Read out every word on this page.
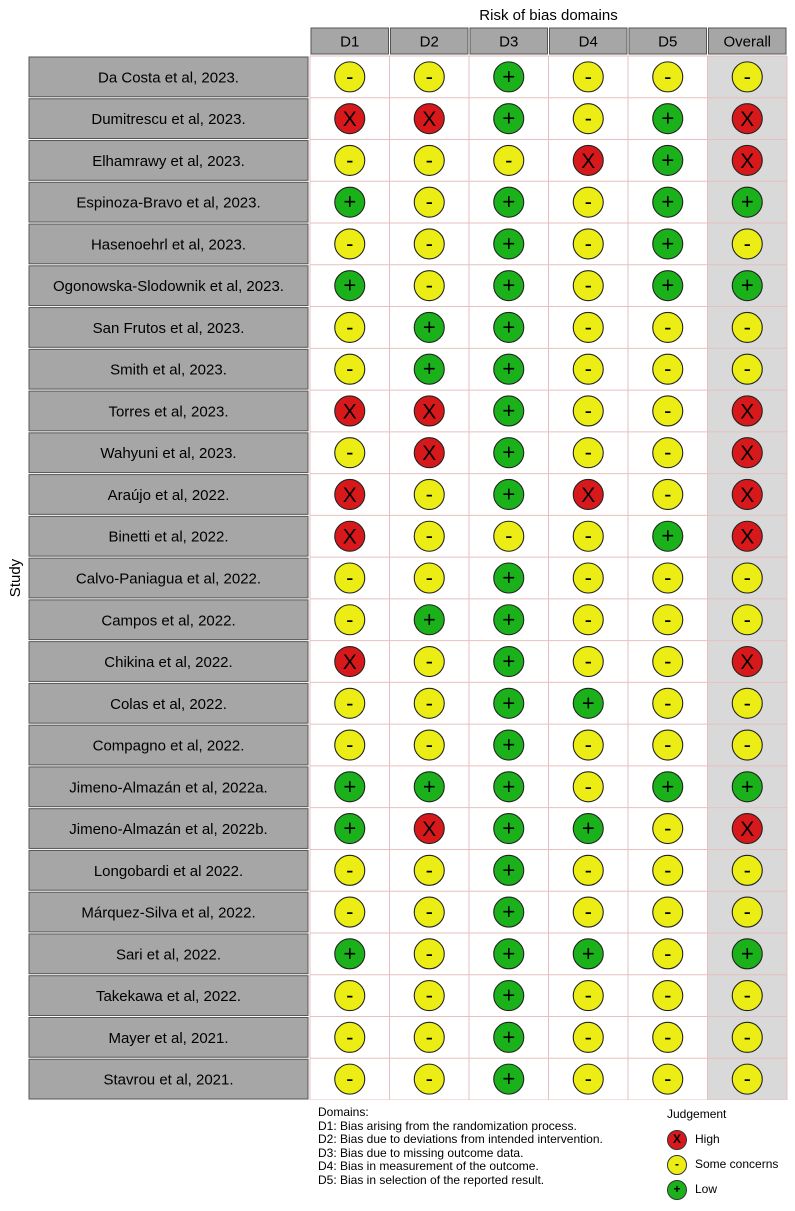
Risk of bias domains
Study
D1	D2	D3	D4	D5	Overall
Da Costa et al, 2023.	-	-	+	-	-	-
Dumitrescu et al, 2023.	X	X	+	-	+	X
Elhamrawy et al, 2023.	-	-	-	X	+	X
Espinoza-Bravo et al, 2023.	+	-	+	-	+	+
Hasenoehrl et al, 2023.	-	-	+	-	+	-
Ogonowska-Slodownik et al, 2023.	+	-	+	-	+	+
San Frutos et al, 2023.	-	+	+	-	-	-
Smith et al, 2023.	-	+	+	-	-	-
Torres et al, 2023.	X	X	+	-	-	X
Wahyuni et al, 2023.	-	X	+	-	-	X
Araújo et al, 2022.	X	-	+	X	-	X
Binetti et al, 2022.	X	-	-	-	+	X
Calvo-Paniagua et al, 2022.	-	-	+	-	-	-
Campos et al, 2022.	-	+	+	-	-	-
Chikina et al, 2022.	X	-	+	-	-	X
Colas et al, 2022.	-	-	+	+	-	-
Compagno et al, 2022.	-	-	+	-	-	-
Jimeno-Almazán et al, 2022a.	+	+	+	-	+	+
Jimeno-Almazán et al, 2022b.	+	X	+	+	-	X
Longobardi et al 2022.	-	-	+	-	-	-
Márquez-Silva et al, 2022.	-	-	+	-	-	-
Sari et al, 2022.	+	-	+	+	-	+
Takekawa et al, 2022.	-	-	+	-	-	-
Mayer et al, 2021.	-	-	+	-	-	-
Stavrou et al, 2021.	-	-	+	-	-	-
Domains:
D1: Bias arising from the randomization process.
D2: Bias due to deviations from intended intervention.
D3: Bias due to missing outcome data.
D4: Bias in measurement of the outcome.
D5: Bias in selection of the reported result.
Judgement
X	High
-	Some concerns
+	Low
